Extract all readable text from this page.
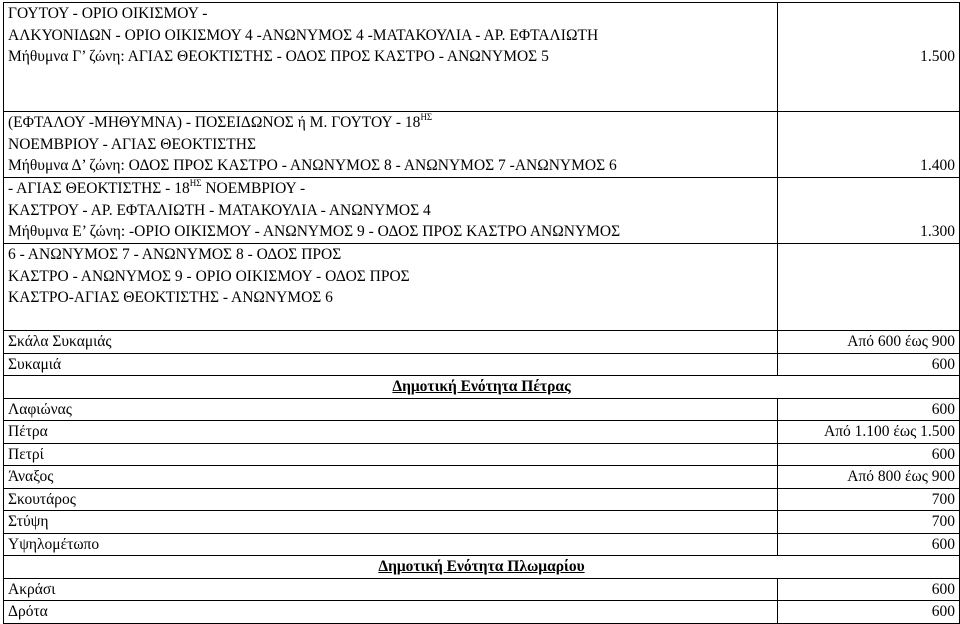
ΓΟΥΤΟΥ - ΟΡΙΟ ΟΙΚΙΣΜΟΥ -
ΑΛΚΥΟΝΙΔΩΝ - ΟΡΙΟ ΟΙΚΙΣΜΟΥ 4 -ΑΝΩΝΥΜΟΣ 4 -ΜΑΤΑΚΟΥΛΙΑ - ΑΡ. ΕΦΤΑΛΙΩΤΗ
Μήθυμνα Γ’ ζώνη: ΑΓΙΑΣ ΘΕΟΚΤΙΣΤΗΣ - ΟΔΟΣ ΠΡΟΣ ΚΑΣΤΡΟ - ΑΝΩΝΥΜΟΣ 5	1.500

(ΕΦΤΑΛΟΥ -ΜΗΘΥΜΝΑ) - ΠΟΣΕΙΔΩΝΟΣ ή Μ. ΓΟΥΤΟΥ - $18^{H\Sigma}$
ΝΟΕΜΒΡΙΟΥ - ΑΓΙΑΣ ΘΕΟΚΤΙΣΤΗΣ
Μήθυμνα Δ’ ζώνη: ΟΔΟΣ ΠΡΟΣ ΚΑΣΤΡΟ - ΑΝΩΝΥΜΟΣ 8 - ΑΝΩΝΥΜΟΣ 7 -ΑΝΩΝΥΜΟΣ 6	1.400

- ΑΓΙΑΣ ΘΕΟΚΤΙΣΤΗΣ - $18^{H\Sigma}$ ΝΟΕΜΒΡΙΟΥ -
ΚΑΣΤΡΟΥ - ΑΡ. ΕΦΤΑΛΙΩΤΗ - ΜΑΤΑΚΟΥΛΙΑ - ΑΝΩΝΥΜΟΣ 4
Μήθυμνα Ε’ ζώνη: -ΟΡΙΟ ΟΙΚΙΣΜΟΥ - ΑΝΩΝΥΜΟΣ 9 - ΟΔΟΣ ΠΡΟΣ ΚΑΣΤΡΟ ΑΝΩΝΥΜΟΣ	1.300

6 - ΑΝΩΝΥΜΟΣ 7 - ΑΝΩΝΥΜΟΣ 8 - ΟΔΟΣ ΠΡΟΣ
ΚΑΣΤΡΟ - ΑΝΩΝΥΜΟΣ 9 - ΟΡΙΟ ΟΙΚΙΣΜΟΥ - ΟΔΟΣ ΠΡΟΣ
ΚΑΣΤΡΟ-ΑΓΙΑΣ ΘΕΟΚΤΙΣΤΗΣ - ΑΝΩΝΥΜΟΣ 6	

Σκάλα Συκαμιάς	Από 600 έως 900
Συκαμιά	600
Δημοτική Ενότητα Πέτρας	
Λαφιώνας	600
Πέτρα	Από 1.100 έως 1.500
Πετρί	600
Άναξος	Από 800 έως 900
Σκουτάρος	700
Στύψη	700
Υψηλομέτωπο	600
Δημοτική Ενότητα Πλωμαρίου	
Ακράσι	600
Δρότα	600
